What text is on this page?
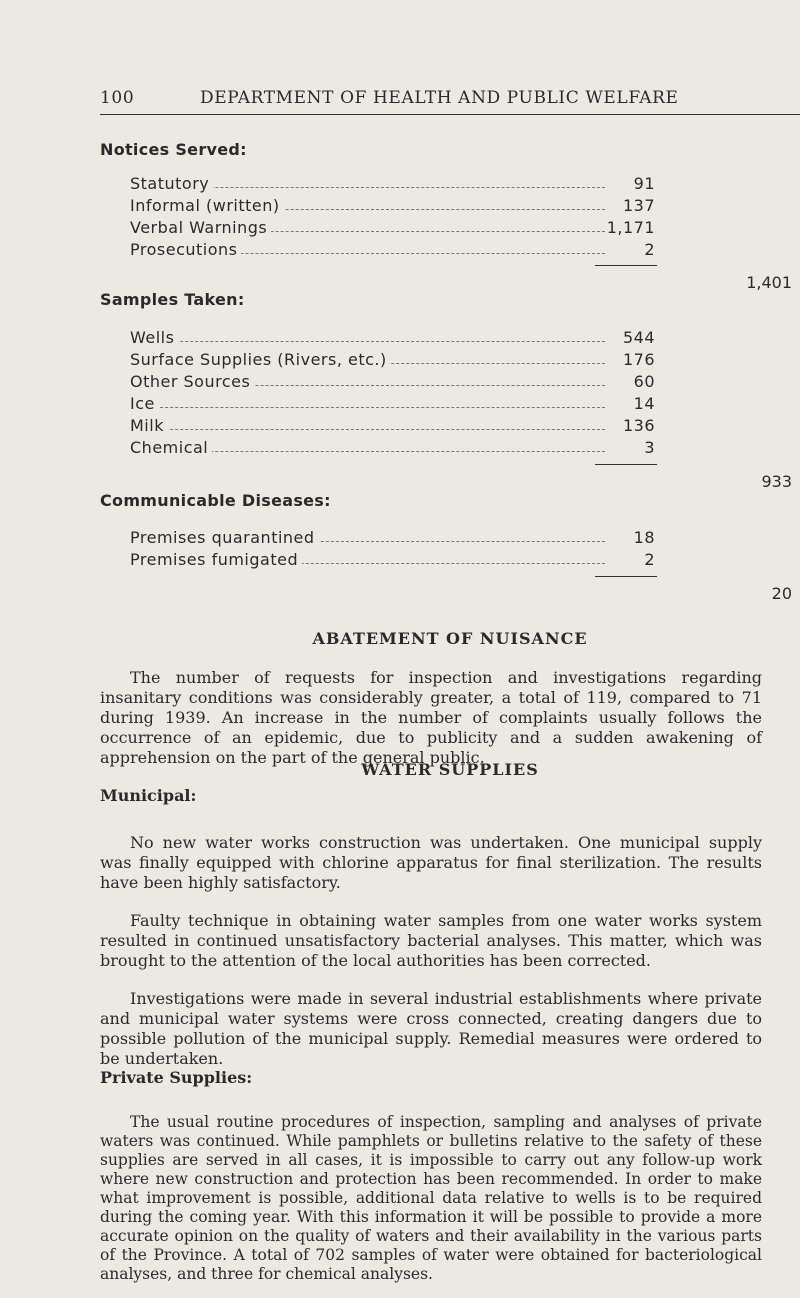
100	DEPARTMENT OF HEALTH AND PUBLIC WELFARE
Notices Served:
Statutory	91
Informal (written)	137
Verbal Warnings	1,171
Prosecutions	2
1,401
Samples Taken:
Wells	544
Surface Supplies (Rivers, etc.)	176
Other Sources	60
Ice	14
Milk	136
Chemical	3
933
Communicable Diseases:
Premises quarantined	18
Premises fumigated	2
20
ABATEMENT OF NUISANCE

The number of requests for inspection and investigations regarding insanitary conditions was considerably greater, a total of 119, compared to 71 during 1939. An increase in the number of complaints usually follows the occurrence of an epidemic, due to publicity and a sudden awakening of apprehension on the part of the general public.

WATER SUPPLIES
Municipal:

No new water works construction was undertaken. One municipal supply was finally equipped with chlorine apparatus for final sterilization. The results have been highly satisfactory.

Faulty technique in obtaining water samples from one water works system resulted in continued unsatisfactory bacterial analyses. This matter, which was brought to the attention of the local authorities has been corrected.

Investigations were made in several industrial establishments where private and municipal water systems were cross connected, creating dangers due to possible pollution of the municipal supply. Remedial measures were ordered to be undertaken.

Private Supplies:

The usual routine procedures of inspection, sampling and analyses of private waters was continued. While pamphlets or bulletins relative to the safety of these supplies are served in all cases, it is impossible to carry out any follow-up work where new construction and protection has been recommended. In order to make what improvement is possible, additional data relative to wells is to be required during the coming year. With this information it will be possible to provide a more accurate opinion on the quality of waters and their availability in the various parts of the Province. A total of 702 samples of water were obtained for bacteriological analyses, and three for chemical analyses.
